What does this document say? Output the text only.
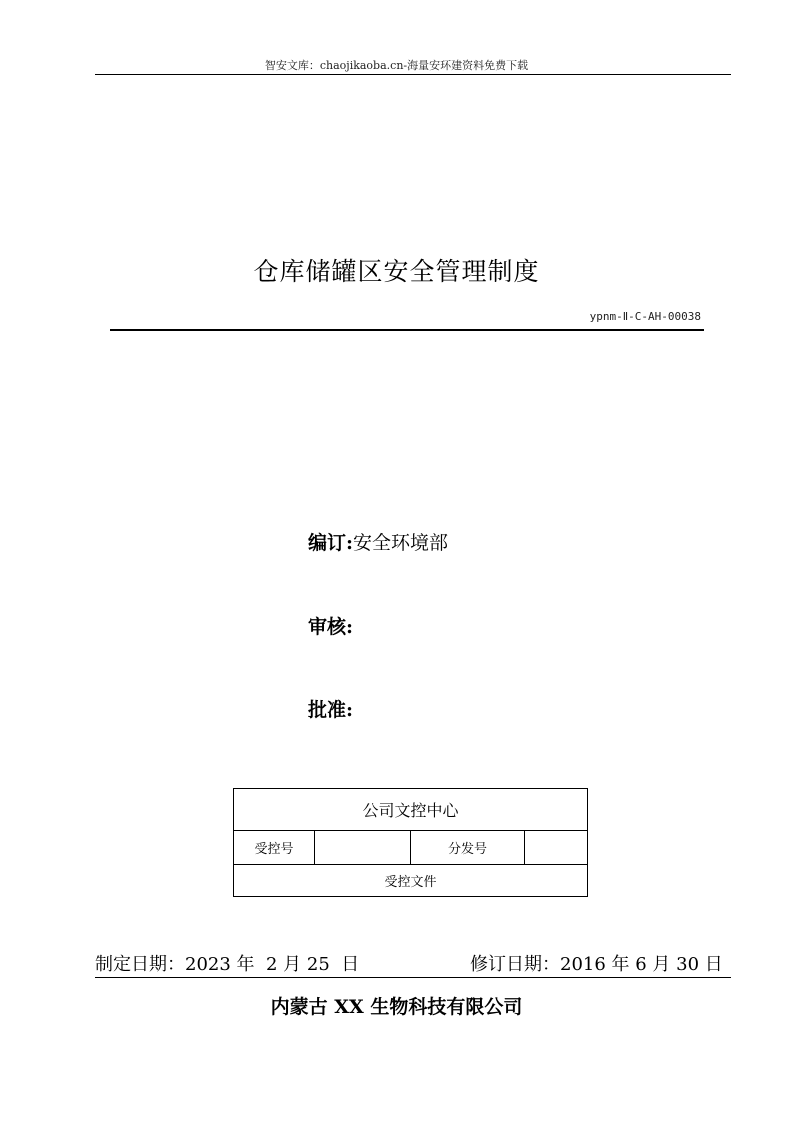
智安文库：chaojikaoba.cn-海量安环建资料免费下载
仓库储罐区安全管理制度
ypnm-Ⅱ-C-AH-00038
编订:安全环境部
审核:
批准:
公司文控中心
受控号		分发号	
受控文件
制定日期：2023 年  2 月 25  日	修订日期：2016 年 6 月 30 日
内蒙古 XX 生物科技有限公司
